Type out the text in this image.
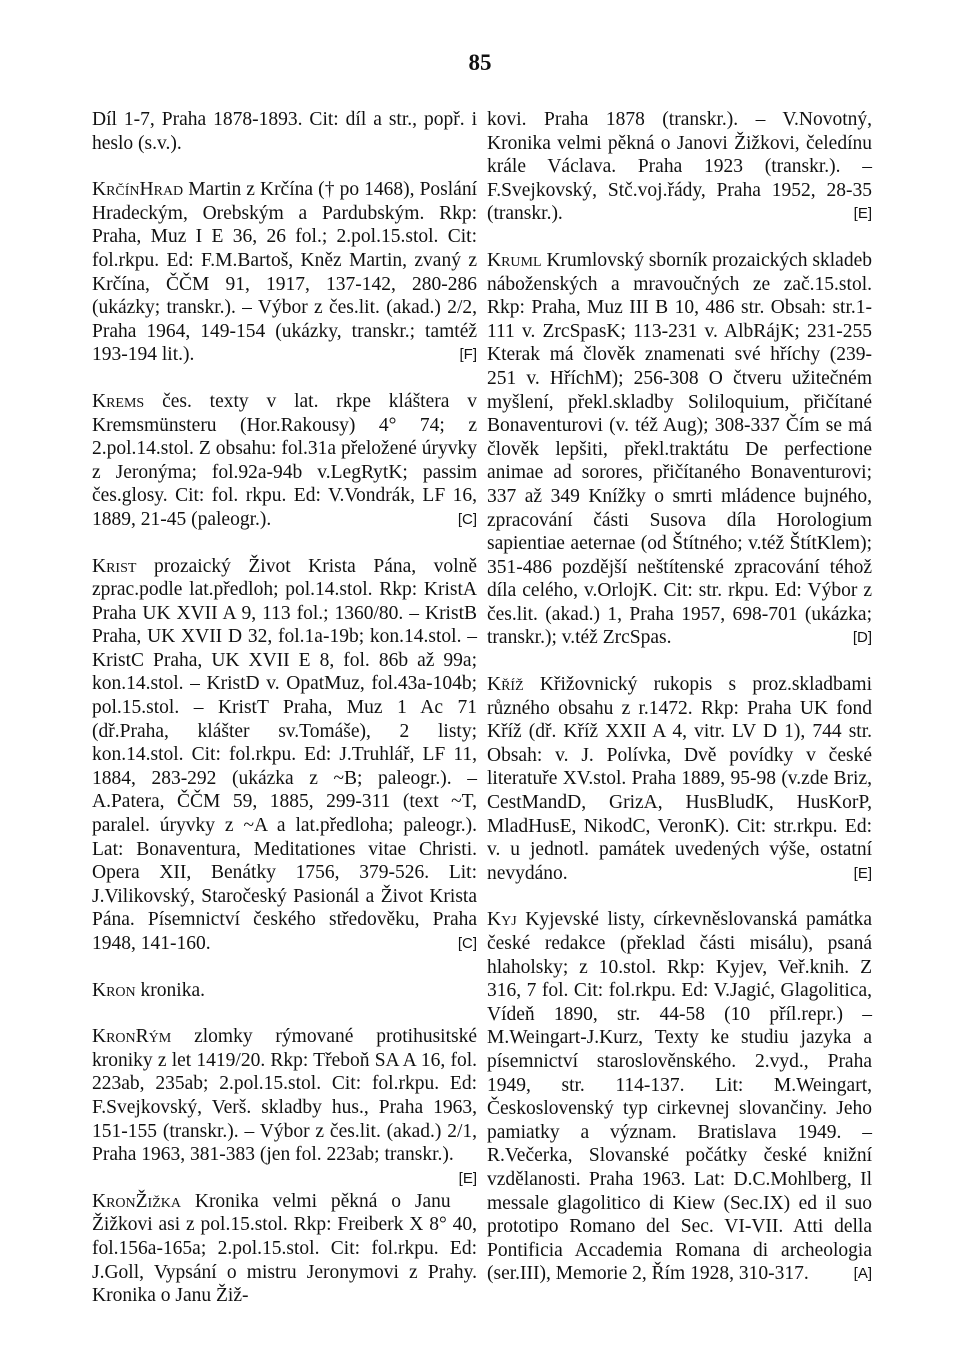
85

Díl 1-7, Praha 1878-1893. Cit: díl a str., popř. i heslo (s.v.).

KrčínHrad Martin z Krčína († po 1468), Poslání Hradeckým, Orebským a Pardubským. Rkp: Praha, Muz I E 36, 26 fol.; 2.pol.15.stol. Cit: fol.rkpu. Ed: F.M.Bartoš, Kněz Martin, zvaný z Krčína, ČČM 91, 1917, 137-142, 280-286 (ukázky; transkr.). – Výbor z čes.lit. (akad.) 2/2, Praha 1964, 149-154 (ukázky, transkr.; tamtéž 193-194 lit.).	[F]

Krems čes. texty v lat. rkpe kláštera v Kremsmünsteru (Hor.Rakousy) 4° 74; z 2.pol.14.stol. Z obsahu: fol.31a přeložené úryvky z Jeronýma; fol.92a-94b v.LegRytK; passim čes.glosy. Cit: fol. rkpu. Ed: V.Vondrák, LF 16, 1889, 21-45 (paleogr.).	[C]

Krist prozaický Život Krista Pána, volně zprac.podle lat.předloh; pol.14.stol. Rkp: KristA Praha UK XVII A 9, 113 fol.; 1360/80. – KristB Praha, UK XVII D 32, fol.1a-19b; kon.14.stol. – KristC Praha, UK XVII E 8, fol. 86b až 99a; kon.14.stol. – KristD v. OpatMuz, fol.43a-104b; pol.15.stol. – KristT Praha, Muz 1 Ac 71 (dř.Praha, klášter sv.Tomáše), 2 listy; kon.14.stol. Cit: fol.rkpu. Ed: J.Truhlář, LF 11, 1884, 283-292 (ukázka z ~B; paleogr.). – A.Patera, ČČM 59, 1885, 299-311 (text ~T, paralel. úryvky z ~A a lat.předloha; paleogr.). Lat: Bonaventura, Meditationes vitae Christi. Opera XII, Benátky 1756, 379-526. Lit: J.Vilikovský, Staročeský Pasionál a Život Krista Pána. Písemnictví českého středověku, Praha 1948, 141-160.	[C]

Kron kronika.

KronRým zlomky rýmované protihusitské kroniky z let 1419/20. Rkp: Třeboň SA A 16, fol. 223ab, 235ab; 2.pol.15.stol. Cit: fol.rkpu. Ed: F.Svejkovský, Verš. skladby hus., Praha 1963, 151-155 (transkr.). – Výbor z čes.lit. (akad.) 2/1, Praha 1963, 381-383 (jen fol. 223ab; transkr.).
[E]

KronŽižka Kronika velmi pěkná o Janu Žižkovi asi z pol.15.stol. Rkp: Freiberk X 8° 40, fol.156a-165a; 2.pol.15.stol. Cit: fol.rkpu. Ed: J.Goll, Vypsání o mistru Jeronymovi z Prahy. Kronika o Janu Žiž-

kovi. Praha 1878 (transkr.). – V.Novotný, Kronika velmi pěkná o Janovi Žižkovi, čeledínu krále Václava. Praha 1923 (transkr.). – F.Svejkovský, Stč.voj.řády, Praha 1952, 28-35 (transkr.).	[E]

Kruml Krumlovský sborník prozaických skladeb náboženských a mravoučných ze zač.15.stol. Rkp: Praha, Muz III B 10, 486 str. Obsah: str.1-111 v. ZrcSpasK; 113-231 v. AlbRájK; 231-255 Kterak má člověk znamenati své hříchy (239-251 v. HříchM); 256-308 O čtveru užitečném myšlení, překl.skladby Soliloquium, přičítané Bonaventurovi (v. též Aug); 308-337 Čím se má člověk lepšiti, překl.traktátu De perfectione animae ad sorores, přičítaného Bonaventurovi; 337 až 349 Knížky o smrti mládence bujného, zpracování části Susova díla Horologium sapientiae aeternae (od Štítného; v.též ŠtítKlem); 351-486 pozdější neštítenské zpracování téhož díla celého, v.OrlojK. Cit: str. rkpu. Ed: Výbor z čes.lit. (akad.) 1, Praha 1957, 698-701 (ukázka; transkr.); v.též ZrcSpas.	[D]

Kříž Křižovnický rukopis s proz.skladbami různého obsahu z r.1472. Rkp: Praha UK fond Kříž (dř. Kříž XXII A 4, vitr. LV D 1), 744 str. Obsah: v. J. Polívka, Dvě povídky v české literatuře XV.stol. Praha 1889, 95-98 (v.zde Briz, CestMandD, GrizA, HusBludK, HusKorP, MladHusE, NikodC, VeronK). Cit: str.rkpu. Ed: v. u jednotl. památek uvedených výše, ostatní nevydáno.	[E]

Kyj Kyjevské listy, církevněslovanská památka české redakce (překlad části misálu), psaná hlaholsky; z 10.stol. Rkp: Kyjev, Veř.knih. Z 316, 7 fol. Cit: fol.rkpu. Ed: V.Jagić, Glagolitica, Vídeň 1890, str. 44-58 (10 příl.repr.) – M.Weingart-J.Kurz, Texty ke studiu jazyka a písemnictví staroslověnského. 2.vyd., Praha 1949, str. 114-137. Lit: M.Weingart, Československý typ cirkevnej slovančiny. Jeho pamiatky a význam. Bratislava 1949. – R.Večerka, Slovanské počátky české knižní vzdělanosti. Praha 1963. Lat: D.C.Mohlberg, Il messale glagolitico di Kiew (Sec.IX) ed il suo prototipo Romano del Sec. VI-VII. Atti della Pontificia Accademia Romana di archeologia (ser.III), Memorie 2, Řím 1928, 310-317.	[A]
